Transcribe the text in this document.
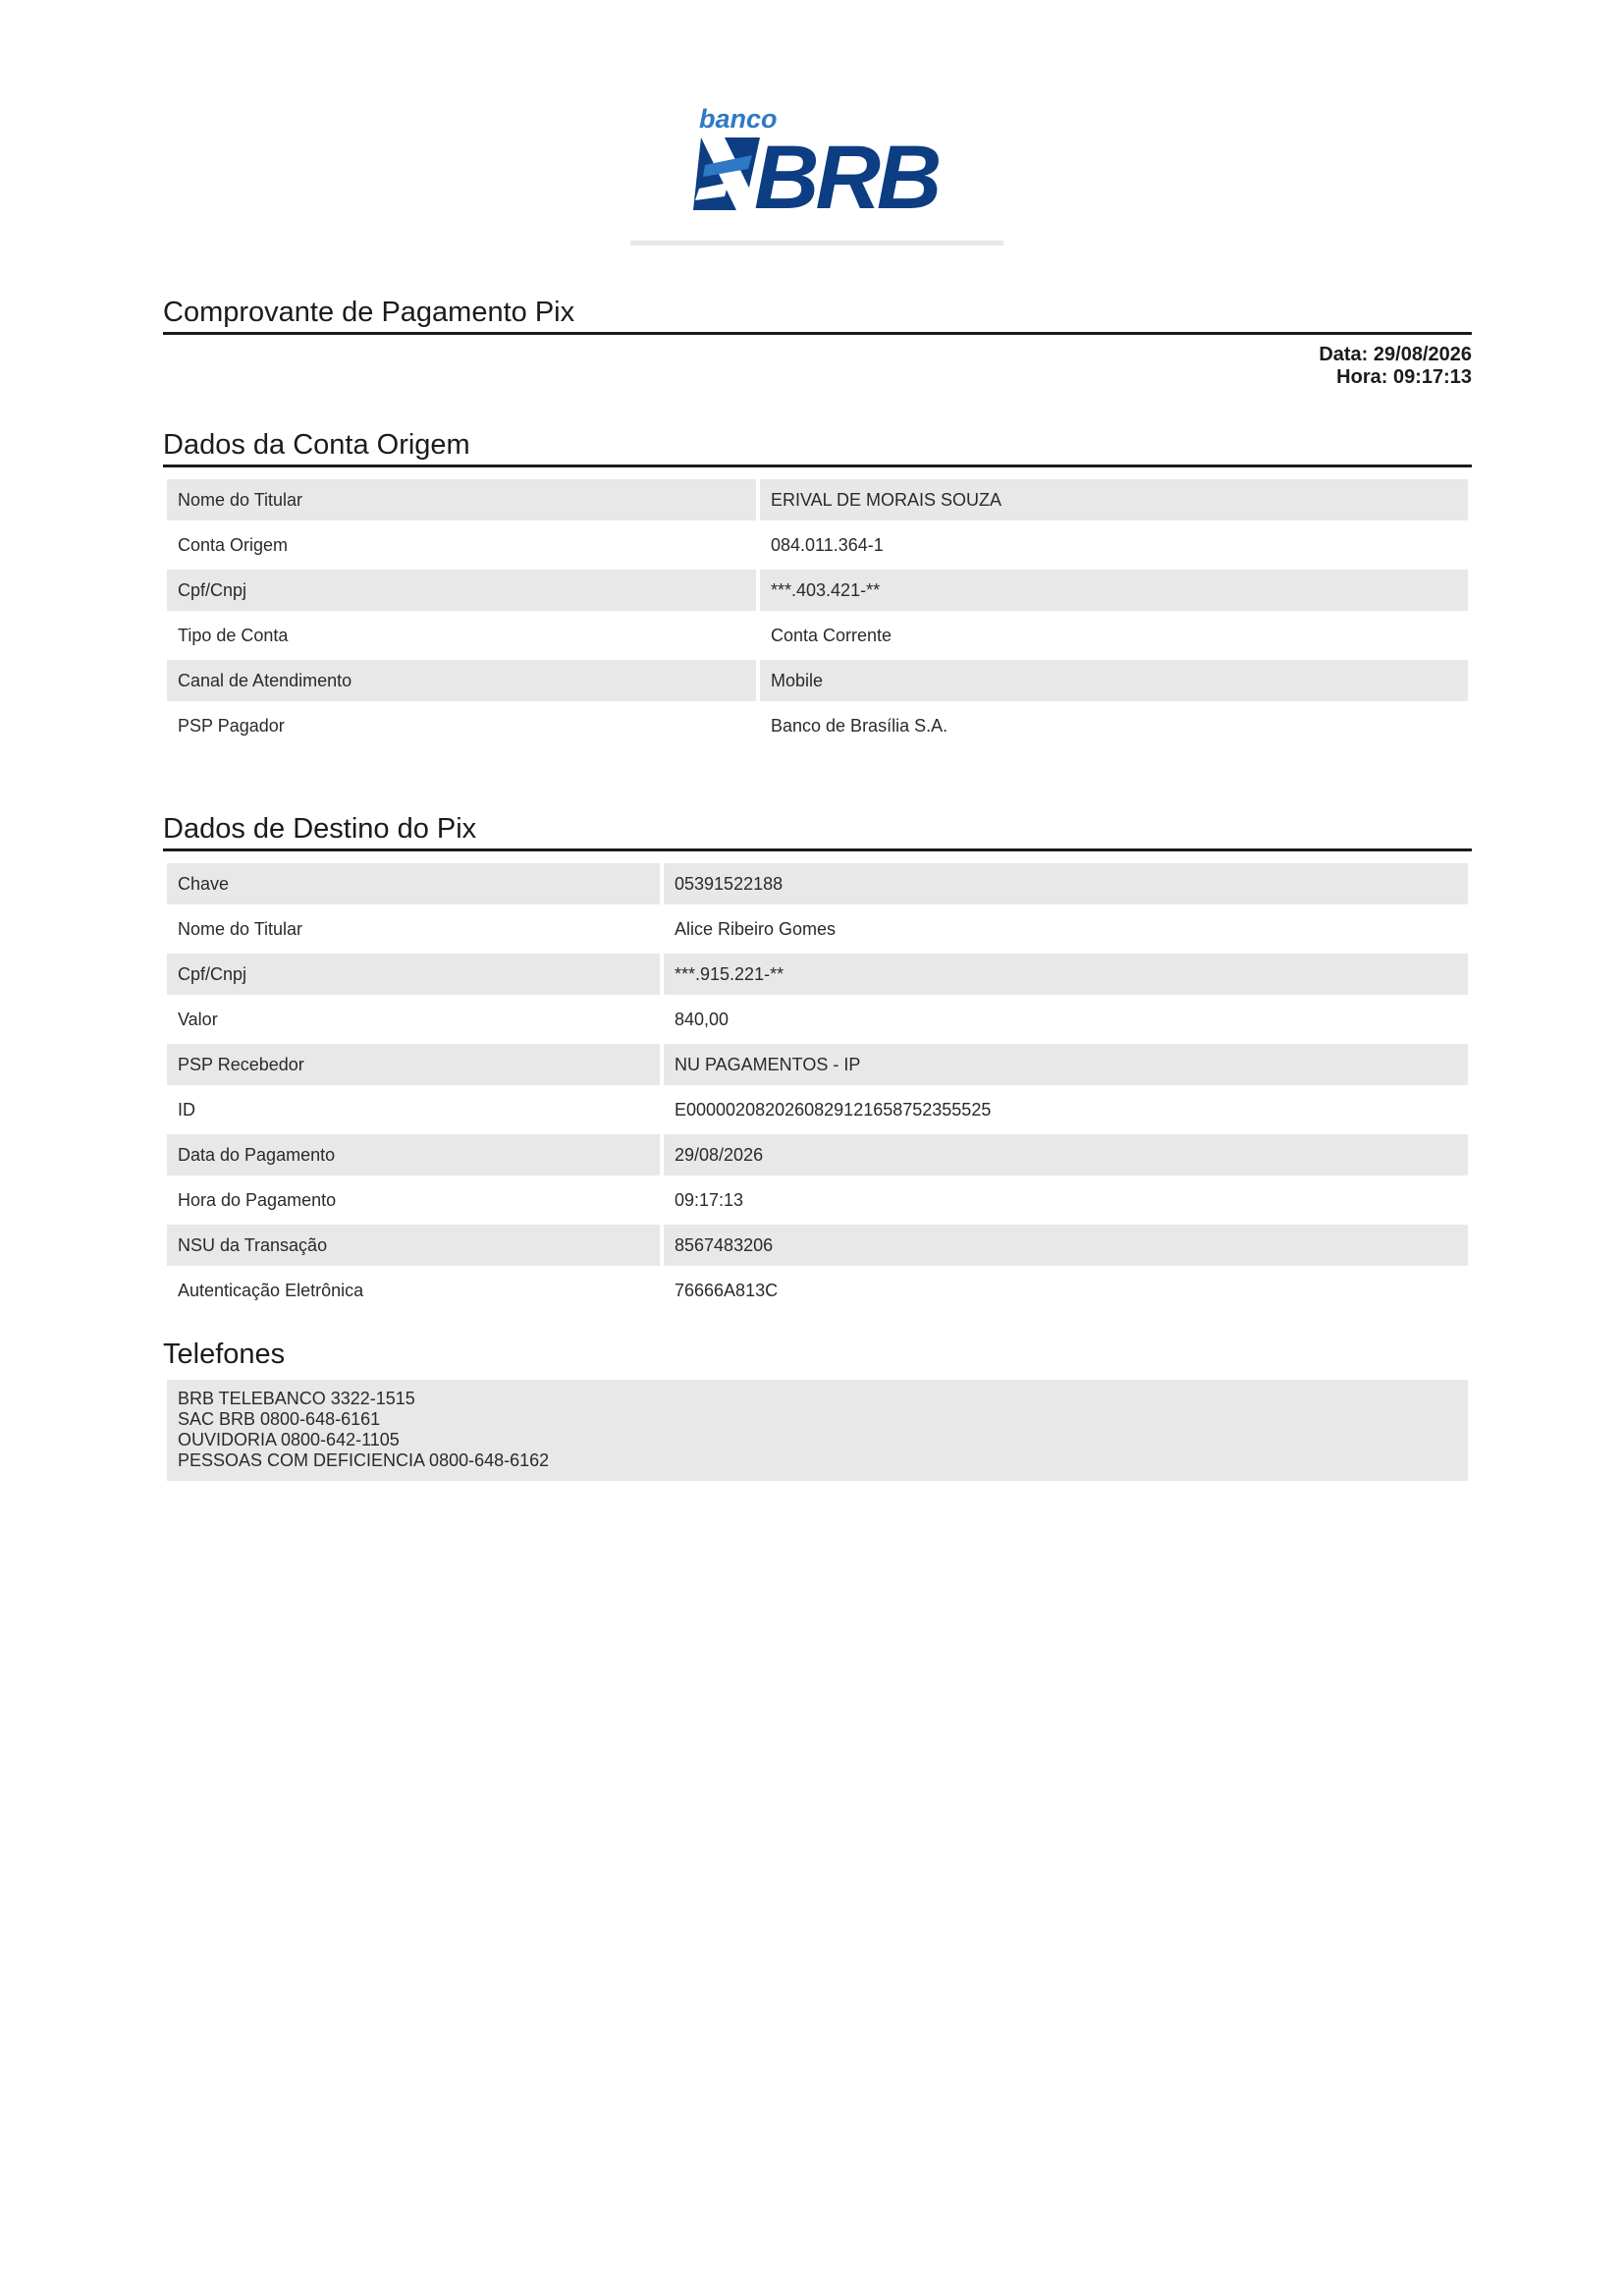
banco
BRB
Comprovante de Pagamento Pix
Data: 29/08/2026
Hora: 09:17:13
Dados da Conta Origem
Nome do Titular	ERIVAL DE MORAIS SOUZA
Conta Origem	084.011.364-1
Cpf/Cnpj	***.403.421-**
Tipo de Conta	Conta Corrente
Canal de Atendimento	Mobile
PSP Pagador	Banco de Brasília S.A.
Dados de Destino do Pix
Chave	05391522188
Nome do Titular	Alice Ribeiro Gomes
Cpf/Cnpj	***.915.221-**
Valor	840,00
PSP Recebedor	NU PAGAMENTOS - IP
ID	E0000020820260829121658752355525
Data do Pagamento	29/08/2026
Hora do Pagamento	09:17:13
NSU da Transação	8567483206
Autenticação Eletrônica	76666A813C
Telefones
BRB TELEBANCO 3322-1515
SAC BRB 0800-648-6161
OUVIDORIA 0800-642-1105
PESSOAS COM DEFICIENCIA 0800-648-6162
